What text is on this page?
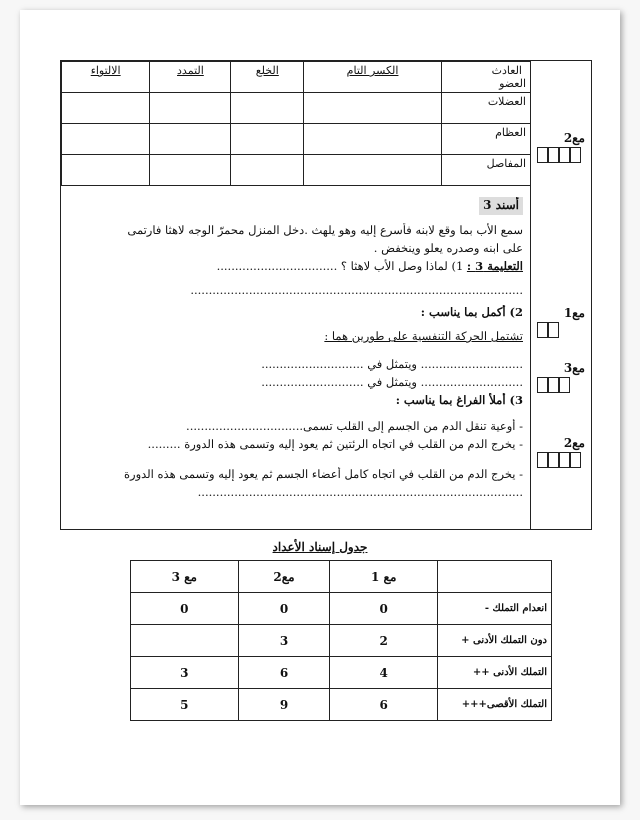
مع2
مع1
مع3
مع2
العادث
العضو	الكسر التام	الخلع	التمدد	الالتواء
العضلات				
العظام				
المفاصل				
أسند 3
سمع الأب بما وقع لابنه فأسرع إليه وهو يلهث .دخل المنزل محمرّ الوجه لاهثا فارتمى
على ابنه وصدره يعلو وينخفض .
التعليمة 3 : 1) لماذا وصل الأب لاهثا ؟ .................................
...........................................................................................
2) أكمل بما يناسب :
تشتمل الحركة التنفسية على طورين هما :
............................ ويتمثل في ............................
............................ ويتمثل في ............................
3) أملأ الفراغ بما يناسب :
- أوعية تنقل الدم من الجسم إلى القلب تسمى................................
- يخرج الدم من القلب في اتجاه الرئتين ثم يعود إليه وتسمى هذه الدورة .........
- يخرج الدم من القلب في اتجاه كامل أعضاء الجسم ثم يعود إليه وتسمى هذه الدورة
.........................................................................................
جدول إسناد الأعداد
	مع 1	مع2	مع 3
انعدام التملك -	0	0	0
دون التملك الأدنى +	2	3	
التملك الأدنى ++	4	6	3
التملك الأقصى+++	6	9	5
